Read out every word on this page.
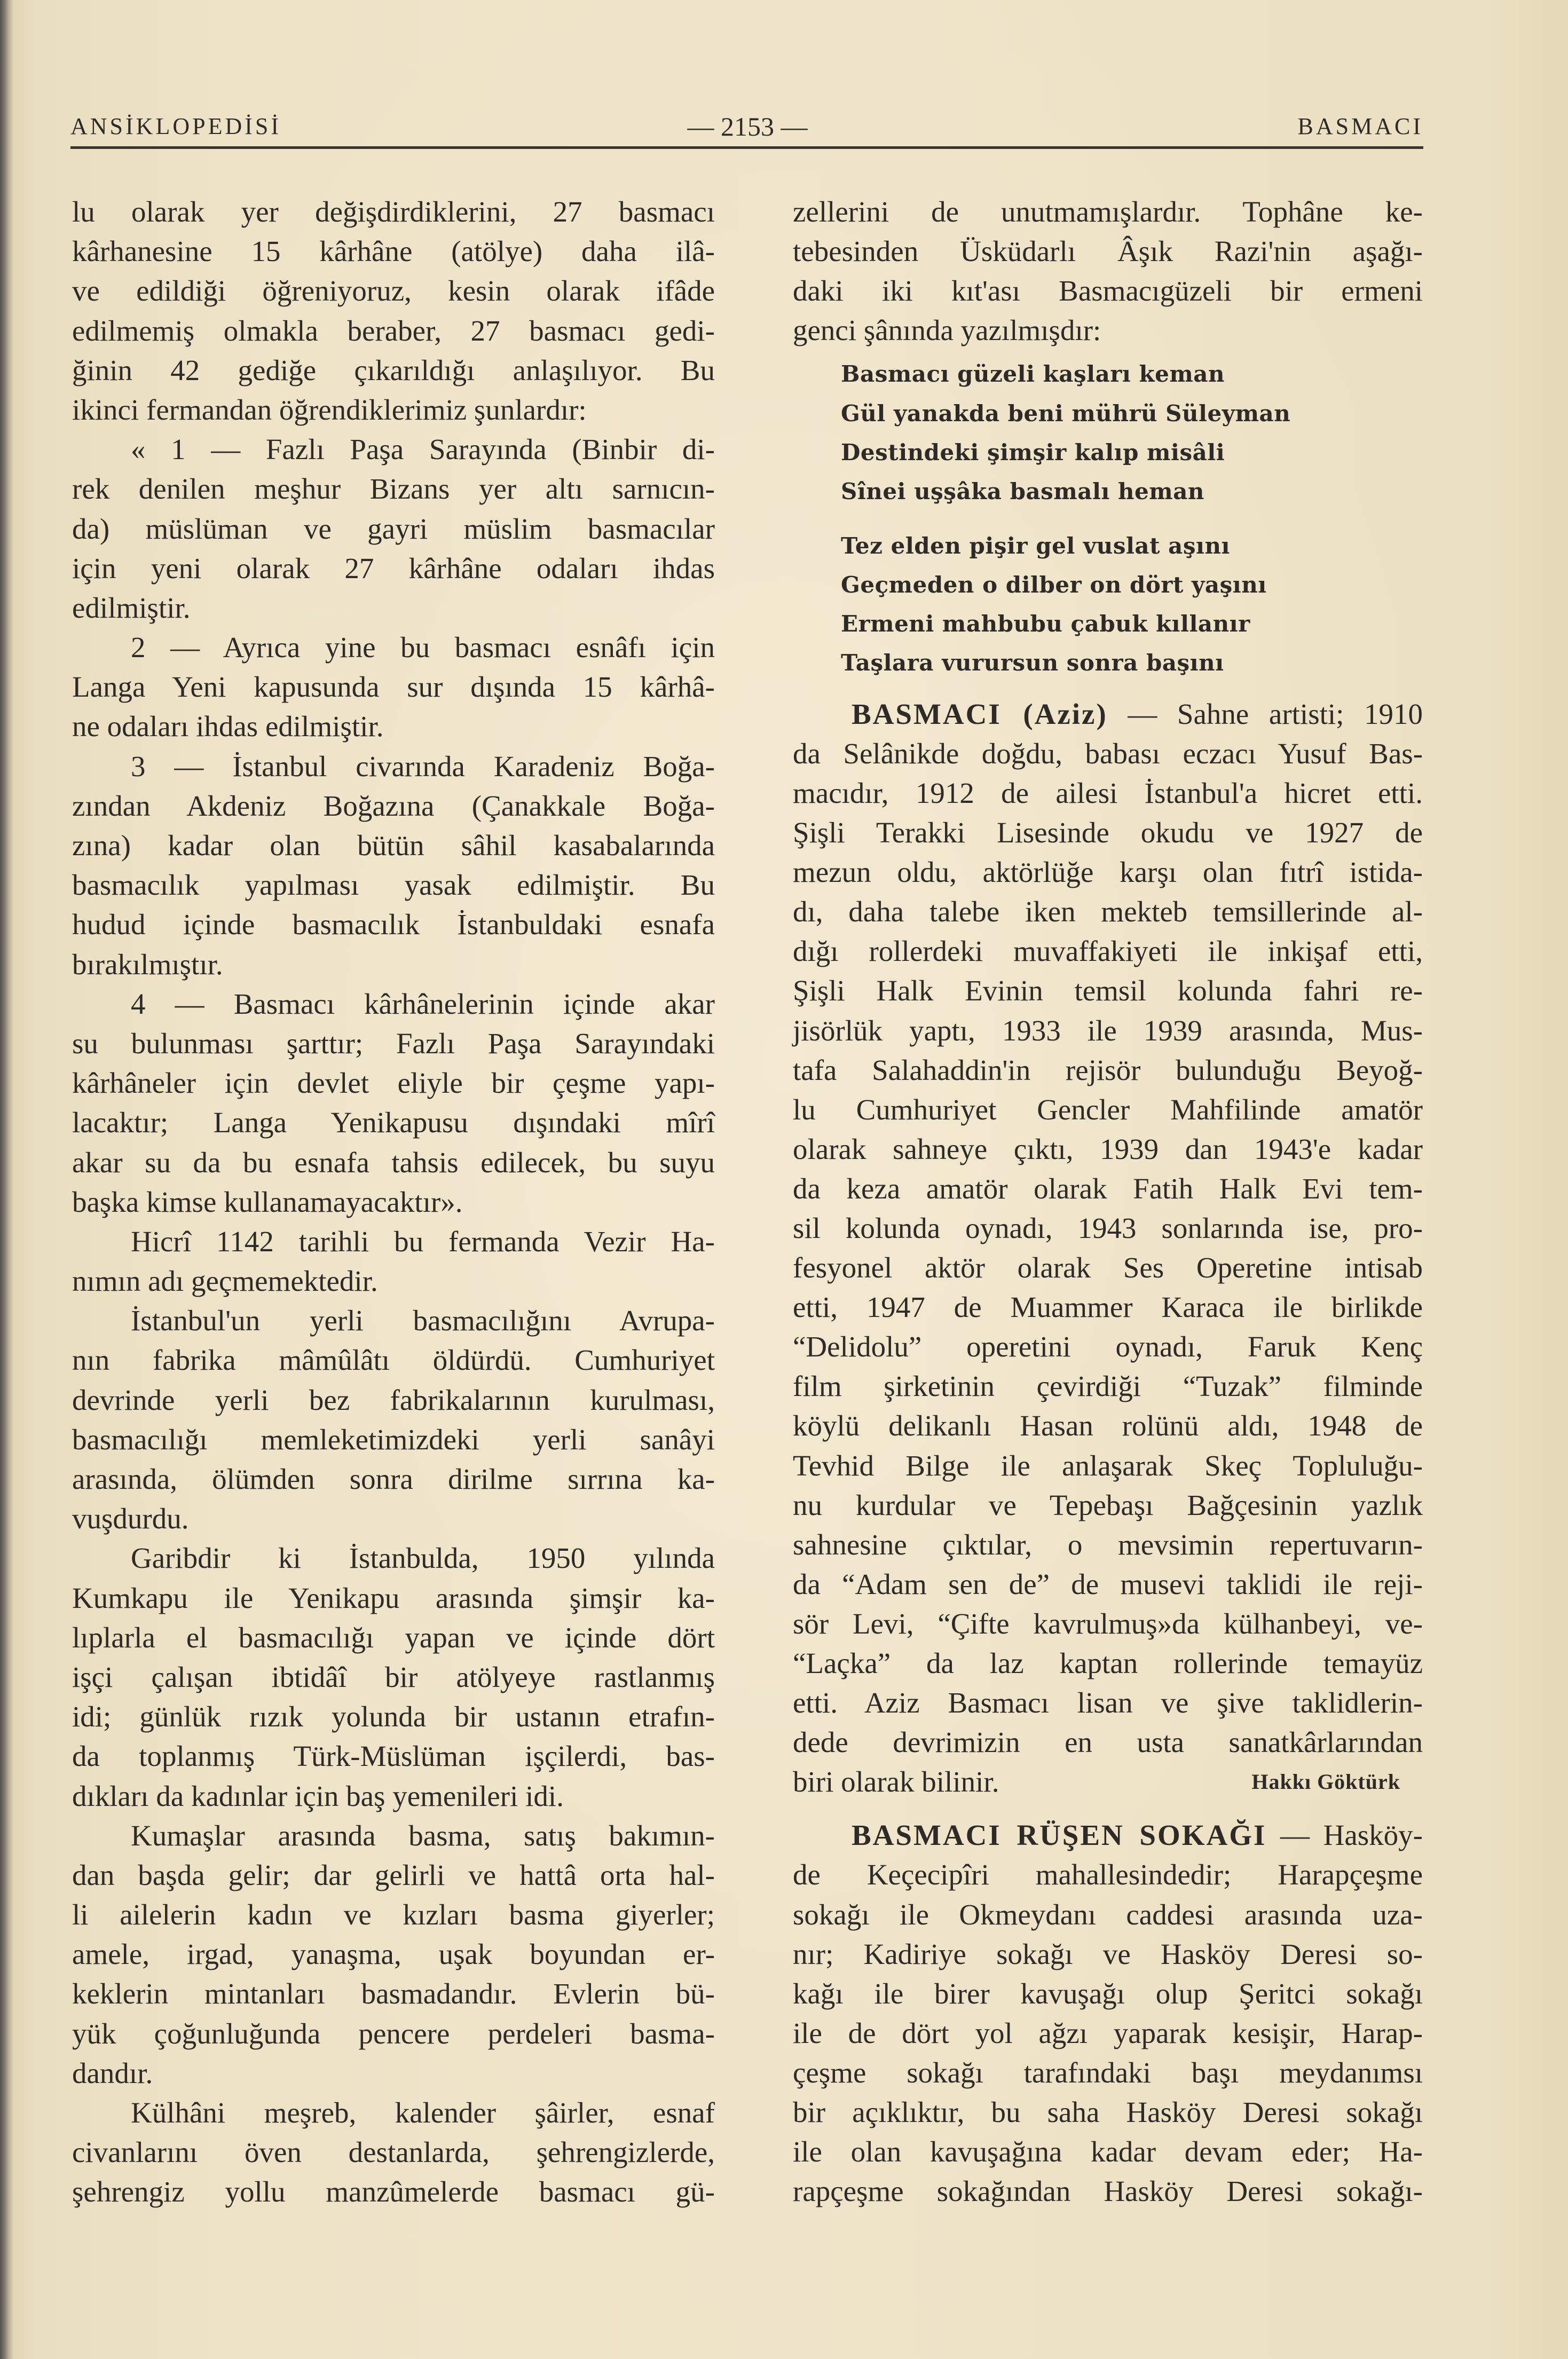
ANSİKLOPEDİSİ	— 2153 —	BASMACI
lu olarak yer değişdirdiklerini, 27 basmacı
kârhanesine 15 kârhâne (atölye) daha ilâ-
ve edildiği öğreniyoruz, kesin olarak ifâde
edilmemiş olmakla beraber, 27 basmacı gedi-
ğinin 42 gediğe çıkarıldığı anlaşılıyor. Bu
ikinci fermandan öğrendiklerimiz şunlardır:
« 1 — Fazlı Paşa Sarayında (Binbir di-
rek denilen meşhur Bizans yer altı sarnıcın-
da) müslüman ve gayri müslim basmacılar
için yeni olarak 27 kârhâne odaları ihdas
edilmiştir.
2 — Ayrıca yine bu basmacı esnâfı için
Langa Yeni kapusunda sur dışında 15 kârhâ-
ne odaları ihdas edilmiştir.
3 — İstanbul civarında Karadeniz Boğa-
zından Akdeniz Boğazına (Çanakkale Boğa-
zına) kadar olan bütün sâhil kasabalarında
basmacılık yapılması yasak edilmiştir. Bu
hudud içinde basmacılık İstanbuldaki esnafa
bırakılmıştır.
4 — Basmacı kârhânelerinin içinde akar
su bulunması şarttır; Fazlı Paşa Sarayındaki
kârhâneler için devlet eliyle bir çeşme yapı-
lacaktır; Langa Yenikapusu dışındaki mîrî
akar su da bu esnafa tahsis edilecek, bu suyu
başka kimse kullanamayacaktır».
Hicrî 1142 tarihli bu fermanda Vezir Ha-
nımın adı geçmemektedir.
İstanbul'un yerli basmacılığını Avrupa-
nın fabrika mâmûlâtı öldürdü. Cumhuriyet
devrinde yerli bez fabrikalarının kurulması,
basmacılığı memleketimizdeki yerli sanâyi
arasında, ölümden sonra dirilme sırrına ka-
vuşdurdu.
Garibdir ki İstanbulda, 1950 yılında
Kumkapu ile Yenikapu arasında şimşir ka-
lıplarla el basmacılığı yapan ve içinde dört
işçi çalışan ibtidâî bir atölyeye rastlanmış
idi; günlük rızık yolunda bir ustanın etrafın-
da toplanmış Türk-Müslüman işçilerdi, bas-
dıkları da kadınlar için baş yemenileri idi.
Kumaşlar arasında basma, satış bakımın-
dan başda gelir; dar gelirli ve hattâ orta hal-
li ailelerin kadın ve kızları basma giyerler;
amele, irgad, yanaşma, uşak boyundan er-
keklerin mintanları basmadandır. Evlerin bü-
yük çoğunluğunda pencere perdeleri basma-
dandır.
Külhâni meşreb, kalender şâirler, esnaf
civanlarını öven destanlarda, şehrengizlerde,
şehrengiz yollu manzûmelerde basmacı gü-
zellerini de unutmamışlardır. Tophâne ke-
tebesinden Üsküdarlı Âşık Razi'nin aşağı-
daki iki kıt'ası Basmacıgüzeli bir ermeni
genci şânında yazılmışdır:
Basmacı güzeli kaşları keman
Gül yanakda beni mührü Süleyman
Destindeki şimşir kalıp misâli
Sînei uşşâka basmalı heman
Tez elden pişir gel vuslat aşını
Geçmeden o dilber on dört yaşını
Ermeni mahbubu çabuk kıllanır
Taşlara vurursun sonra başını
BASMACI (Aziz) — Sahne artisti; 1910
da Selânikde doğdu, babası eczacı Yusuf Bas-
macıdır, 1912 de ailesi İstanbul'a hicret etti.
Şişli Terakki Lisesinde okudu ve 1927 de
mezun oldu, aktörlüğe karşı olan fıtrî istida-
dı, daha talebe iken mekteb temsillerinde al-
dığı rollerdeki muvaffakiyeti ile inkişaf etti,
Şişli Halk Evinin temsil kolunda fahri re-
jisörlük yaptı, 1933 ile 1939 arasında, Mus-
tafa Salahaddin'in rejisör bulunduğu Beyoğ-
lu Cumhuriyet Gencler Mahfilinde amatör
olarak sahneye çıktı, 1939 dan 1943'e kadar
da keza amatör olarak Fatih Halk Evi tem-
sil kolunda oynadı, 1943 sonlarında ise, pro-
fesyonel aktör olarak Ses Operetine intisab
etti, 1947 de Muammer Karaca ile birlikde
“Delidolu” operetini oynadı, Faruk Kenç
film şirketinin çevirdiği “Tuzak” filminde
köylü delikanlı Hasan rolünü aldı, 1948 de
Tevhid Bilge ile anlaşarak Skeç Topluluğu-
nu kurdular ve Tepebaşı Bağçesinin yazlık
sahnesine çıktılar, o mevsimin repertuvarın-
da “Adam sen de” de musevi taklidi ile reji-
sör Levi, “Çifte kavrulmuş»da külhanbeyi, ve-
“Laçka” da laz kaptan rollerinde temayüz
etti. Aziz Basmacı lisan ve şive taklidlerin-
dede devrimizin en usta sanatkârlarından
Hakkı Göktürk
biri olarak bilinir.
BASMACI RÜŞEN SOKAĞI — Hasköy-
de Keçecipîri mahallesindedir; Harapçeşme
sokağı ile Okmeydanı caddesi arasında uza-
nır; Kadiriye sokağı ve Hasköy Deresi so-
kağı ile birer kavuşağı olup Şeritci sokağı
ile de dört yol ağzı yaparak kesişir, Harap-
çeşme sokağı tarafındaki başı meydanımsı
bir açıklıktır, bu saha Hasköy Deresi sokağı
ile olan kavuşağına kadar devam eder; Ha-
rapçeşme sokağından Hasköy Deresi sokağı-
